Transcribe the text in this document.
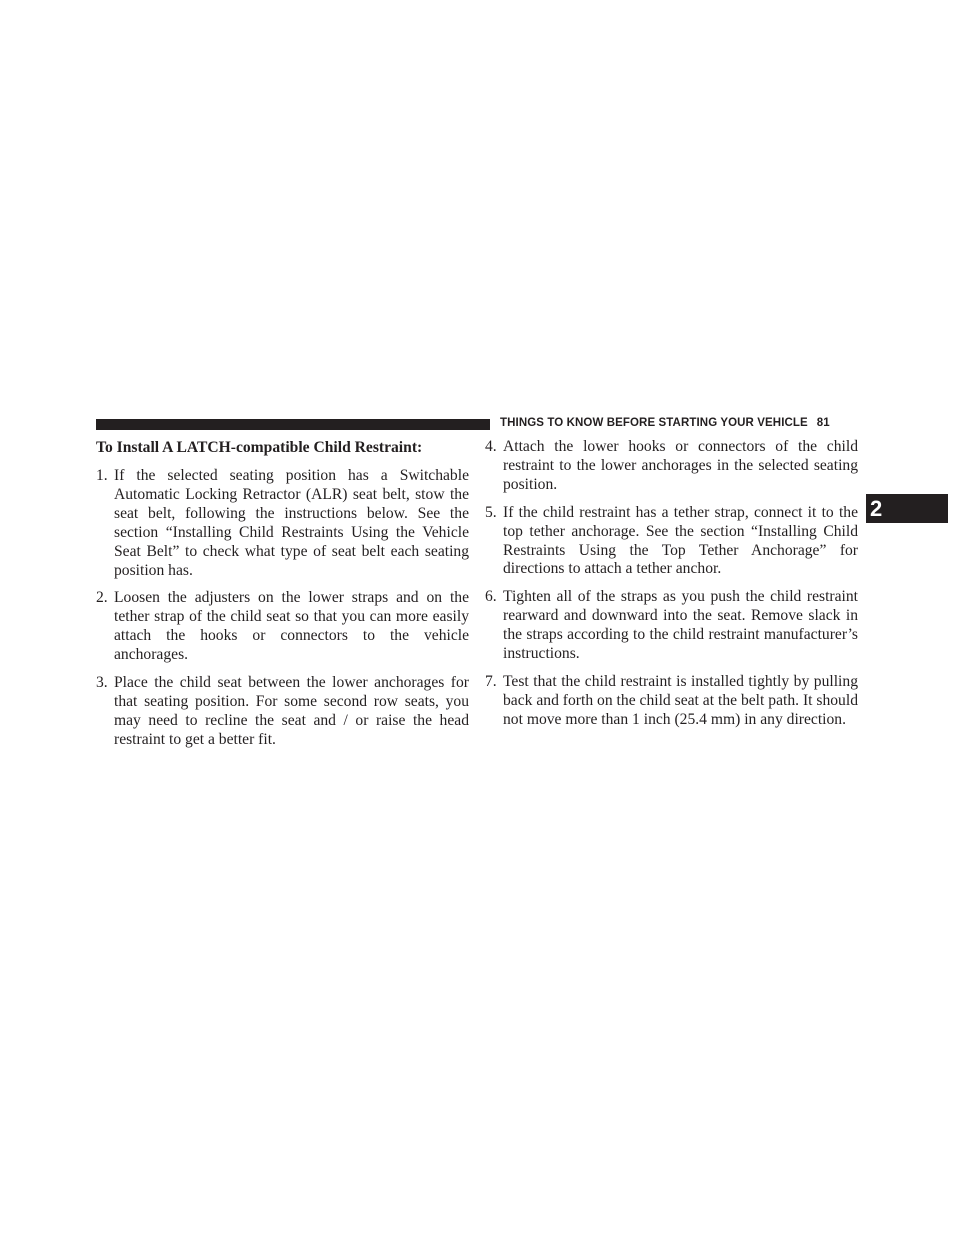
THINGS TO KNOW BEFORE STARTING YOUR VEHICLE 81
2
To Install A LATCH-compatible Child Restraint:
1. If the selected seating position has a Switchable Automatic Locking Retractor (ALR) seat belt, stow the seat belt, following the instructions below. See the section “Installing Child Restraints Using the Vehicle Seat Belt” to check what type of seat belt each seating position has.
2. Loosen the adjusters on the lower straps and on the tether strap of the child seat so that you can more easily attach the hooks or connectors to the vehicle anchorages.
3. Place the child seat between the lower anchorages for that seating position. For some second row seats, you may need to recline the seat and / or raise the head restraint to get a better fit.
4. Attach the lower hooks or connectors of the child restraint to the lower anchorages in the selected seating position.
5. If the child restraint has a tether strap, connect it to the top tether anchorage. See the section “Installing Child Restraints Using the Top Tether Anchorage” for directions to attach a tether anchor.
6. Tighten all of the straps as you push the child restraint rearward and downward into the seat. Remove slack in the straps according to the child restraint manufacturer’s instructions.
7. Test that the child restraint is installed tightly by pulling back and forth on the child seat at the belt path. It should not move more than 1 inch (25.4 mm) in any direction.
